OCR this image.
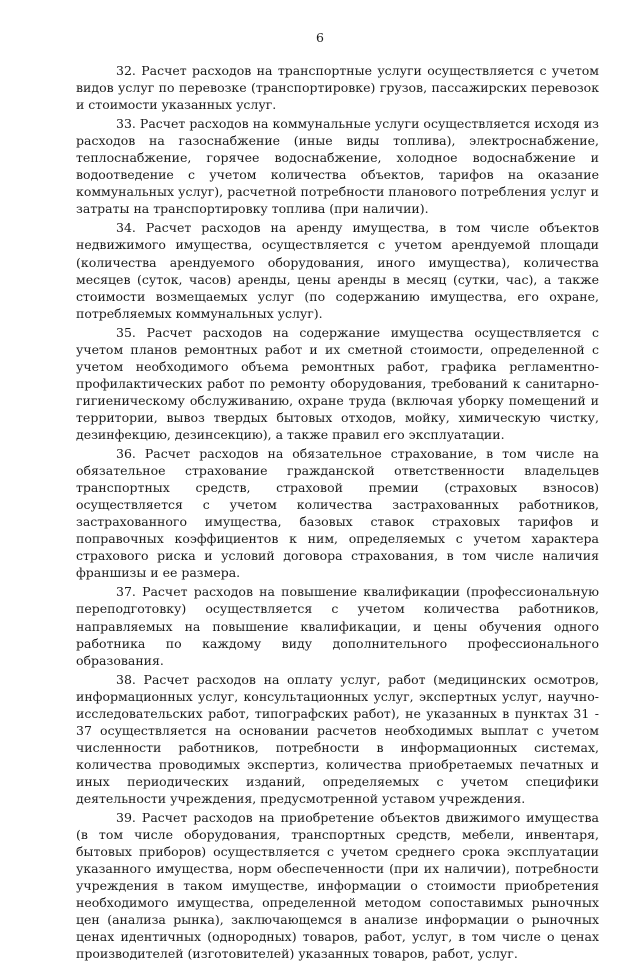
6

32. Расчет расходов на транспортные услуги осуществляется с учетом видов услуг по перевозке (транспортировке) грузов, пассажирских перевозок и стоимости указанных услуг.

33. Расчет расходов на коммунальные услуги осуществляется исходя из расходов на газоснабжение (иные виды топлива), электроснабжение, теплоснабжение, горячее водоснабжение, холодное водоснабжение и водоотведение с учетом количества объектов, тарифов на оказание коммунальных услуг), расчетной потребности планового потребления услуг и затраты на транспортировку топлива (при наличии).

34. Расчет расходов на аренду имущества, в том числе объектов недвижимого имущества, осуществляется с учетом арендуемой площади (количества арендуемого оборудования, иного имущества), количества месяцев (суток, часов) аренды, цены аренды в месяц (сутки, час), а также стоимости возмещаемых услуг (по содержанию имущества, его охране, потребляемых коммунальных услуг).

35. Расчет расходов на содержание имущества осуществляется с учетом планов ремонтных работ и их сметной стоимости, определенной с учетом необходимого объема ремонтных работ, графика регламентно-профилактических работ по ремонту оборудования, требований к санитарно-гигиеническому обслуживанию, охране труда (включая уборку помещений и территории, вывоз твердых бытовых отходов, мойку, химическую чистку, дезинфекцию, дезинсекцию), а также правил его эксплуатации.

36. Расчет расходов на обязательное страхование, в том числе на обязательное страхование гражданской ответственности владельцев транспортных средств, страховой премии (страховых взносов) осуществляется с учетом количества застрахованных работников, застрахованного имущества, базовых ставок страховых тарифов и поправочных коэффициентов к ним, определяемых с учетом характера страхового риска и условий договора страхования, в том числе наличия франшизы и ее размера.

37. Расчет расходов на повышение квалификации (профессиональную переподготовку) осуществляется с учетом количества работников, направляемых на повышение квалификации, и цены обучения одного работника по каждому виду дополнительного профессионального образования.

38. Расчет расходов на оплату услуг, работ (медицинских осмотров, информационных услуг, консультационных услуг, экспертных услуг, научно-исследовательских работ, типографских работ), не указанных в пунктах 31 - 37 осуществляется на основании расчетов необходимых выплат с учетом численности работников, потребности в информационных системах, количества проводимых экспертиз, количества приобретаемых печатных и иных периодических изданий, определяемых с учетом специфики деятельности учреждения, предусмотренной уставом учреждения.

39. Расчет расходов на приобретение объектов движимого имущества (в том числе оборудования, транспортных средств, мебели, инвентаря, бытовых приборов) осуществляется с учетом среднего срока эксплуатации указанного имущества, норм обеспеченности (при их наличии), потребности учреждения в таком имуществе, информации о стоимости приобретения необходимого имущества, определенной методом сопоставимых рыночных цен (анализа рынка), заключающемся в анализе информации о рыночных ценах идентичных (однородных) товаров, работ, услуг, в том числе о ценах производителей (изготовителей) указанных товаров, работ, услуг.
